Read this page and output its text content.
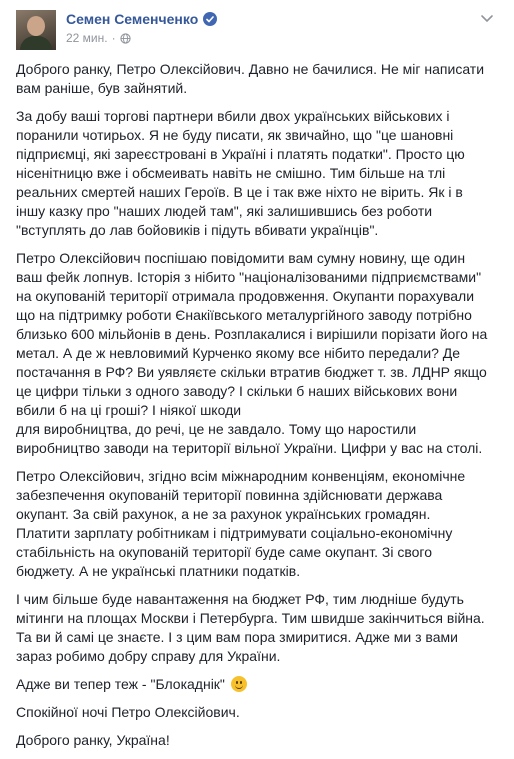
Семен Семенченко
22 мин. ·

Доброго ранку, Петро Олексійович. Давно не бачилися. Не міг написати
вам раніше, був зайнятий.

За добу ваші торгові партнери вбили двох українських військових і
поранили чотирьох. Я не буду писати, як звичайно, що "це шановні
підприємці, які зареєстровані в Україні і платять податки". Просто цю
нісенітницю вже і обсмеивать навіть не смішно. Тим більше на тлі
реальних смертей наших Героїв. В це і так вже ніхто не вірить. Як і в
іншу казку про "наших людей там", які залишившись без роботи
"вступлять до лав бойовиків і підуть вбивати українців".

Петро Олексійович поспішаю повідомити вам сумну новину, ще один
ваш фейк лопнув. Історія з нібито "націоналізованими підприємствами"
на окупованій території отримала продовження. Окупанти порахували
що на підтримку роботи Єнакіївського металургійного заводу потрібно
близько 600 мільйонів в день. Розплакалися і вирішили порізати його на
метал. А де ж невловимий Курченко якому все нібито передали? Де
постачання в РФ? Ви уявляєте скільки втратив бюджет т. зв. ЛДНР якщо
це цифри тільки з одного заводу? І скільки б наших військових вони
вбили б на ці гроші? І ніякої шкоди
для виробництва, до речі, це не завдало. Тому що наростили
виробництво заводи на території вільної України. Цифри у вас на столі.

Петро Олексійович, згідно всім міжнародним конвенціям, економічне
забезпечення окупованій території повинна здійснювати держава
окупант. За свій рахунок, а не за рахунок українських громадян.
Платити зарплату робітникам і підтримувати соціально-економічну
стабільність на окупованій території буде саме окупант. Зі свого
бюджету. А не українські платники податків.

І чим більше буде навантаження на бюджет РФ, тим людніше будуть
мітинги на площах Москви і Петербурга. Тим швидше закінчиться війна.
Та ви й самі це знаєте. І з цим вам пора змиритися. Адже ми з вами
зараз робимо добру справу для України.

Адже ви тепер теж - "Блокаднік"

Спокійної ночі Петро Олексійович.

Доброго ранку, Україна!
